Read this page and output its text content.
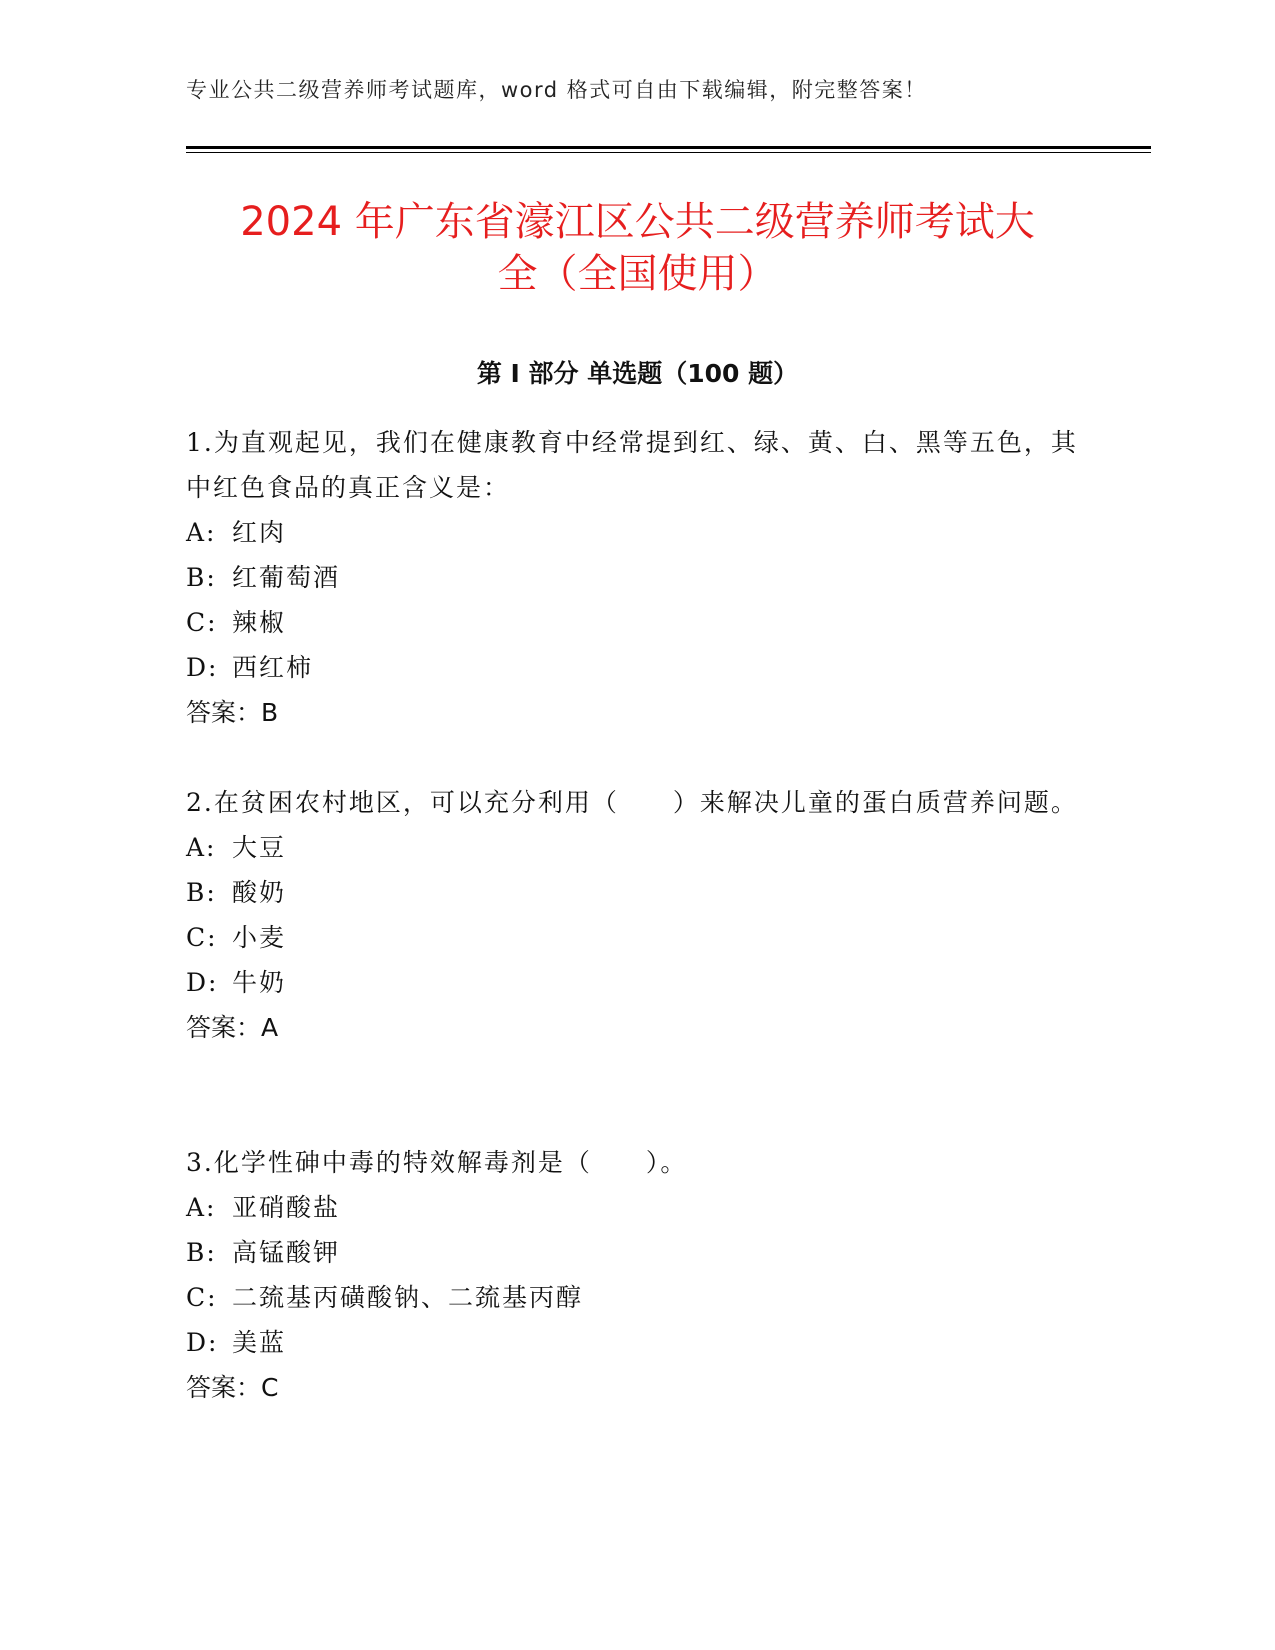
专业公共二级营养师考试题库，word 格式可自由下载编辑，附完整答案！
2024 年广东省濠江区公共二级营养师考试大
全（全国使用）
第 I 部分 单选题（100 题）

1.为直观起见，我们在健康教育中经常提到红、绿、黄、白、黑等五色，其中红色食品的真正含义是：

A: 红肉

B: 红葡萄酒

C: 辣椒

D: 西红柿

答案：B

2.在贫困农村地区，可以充分利用（　　）来解决儿童的蛋白质营养问题。

A: 大豆

B: 酸奶

C: 小麦

D: 牛奶

答案：A

3.化学性砷中毒的特效解毒剂是（　　）。

A: 亚硝酸盐

B: 高锰酸钾

C: 二巯基丙磺酸钠、二巯基丙醇

D: 美蓝

答案：C
